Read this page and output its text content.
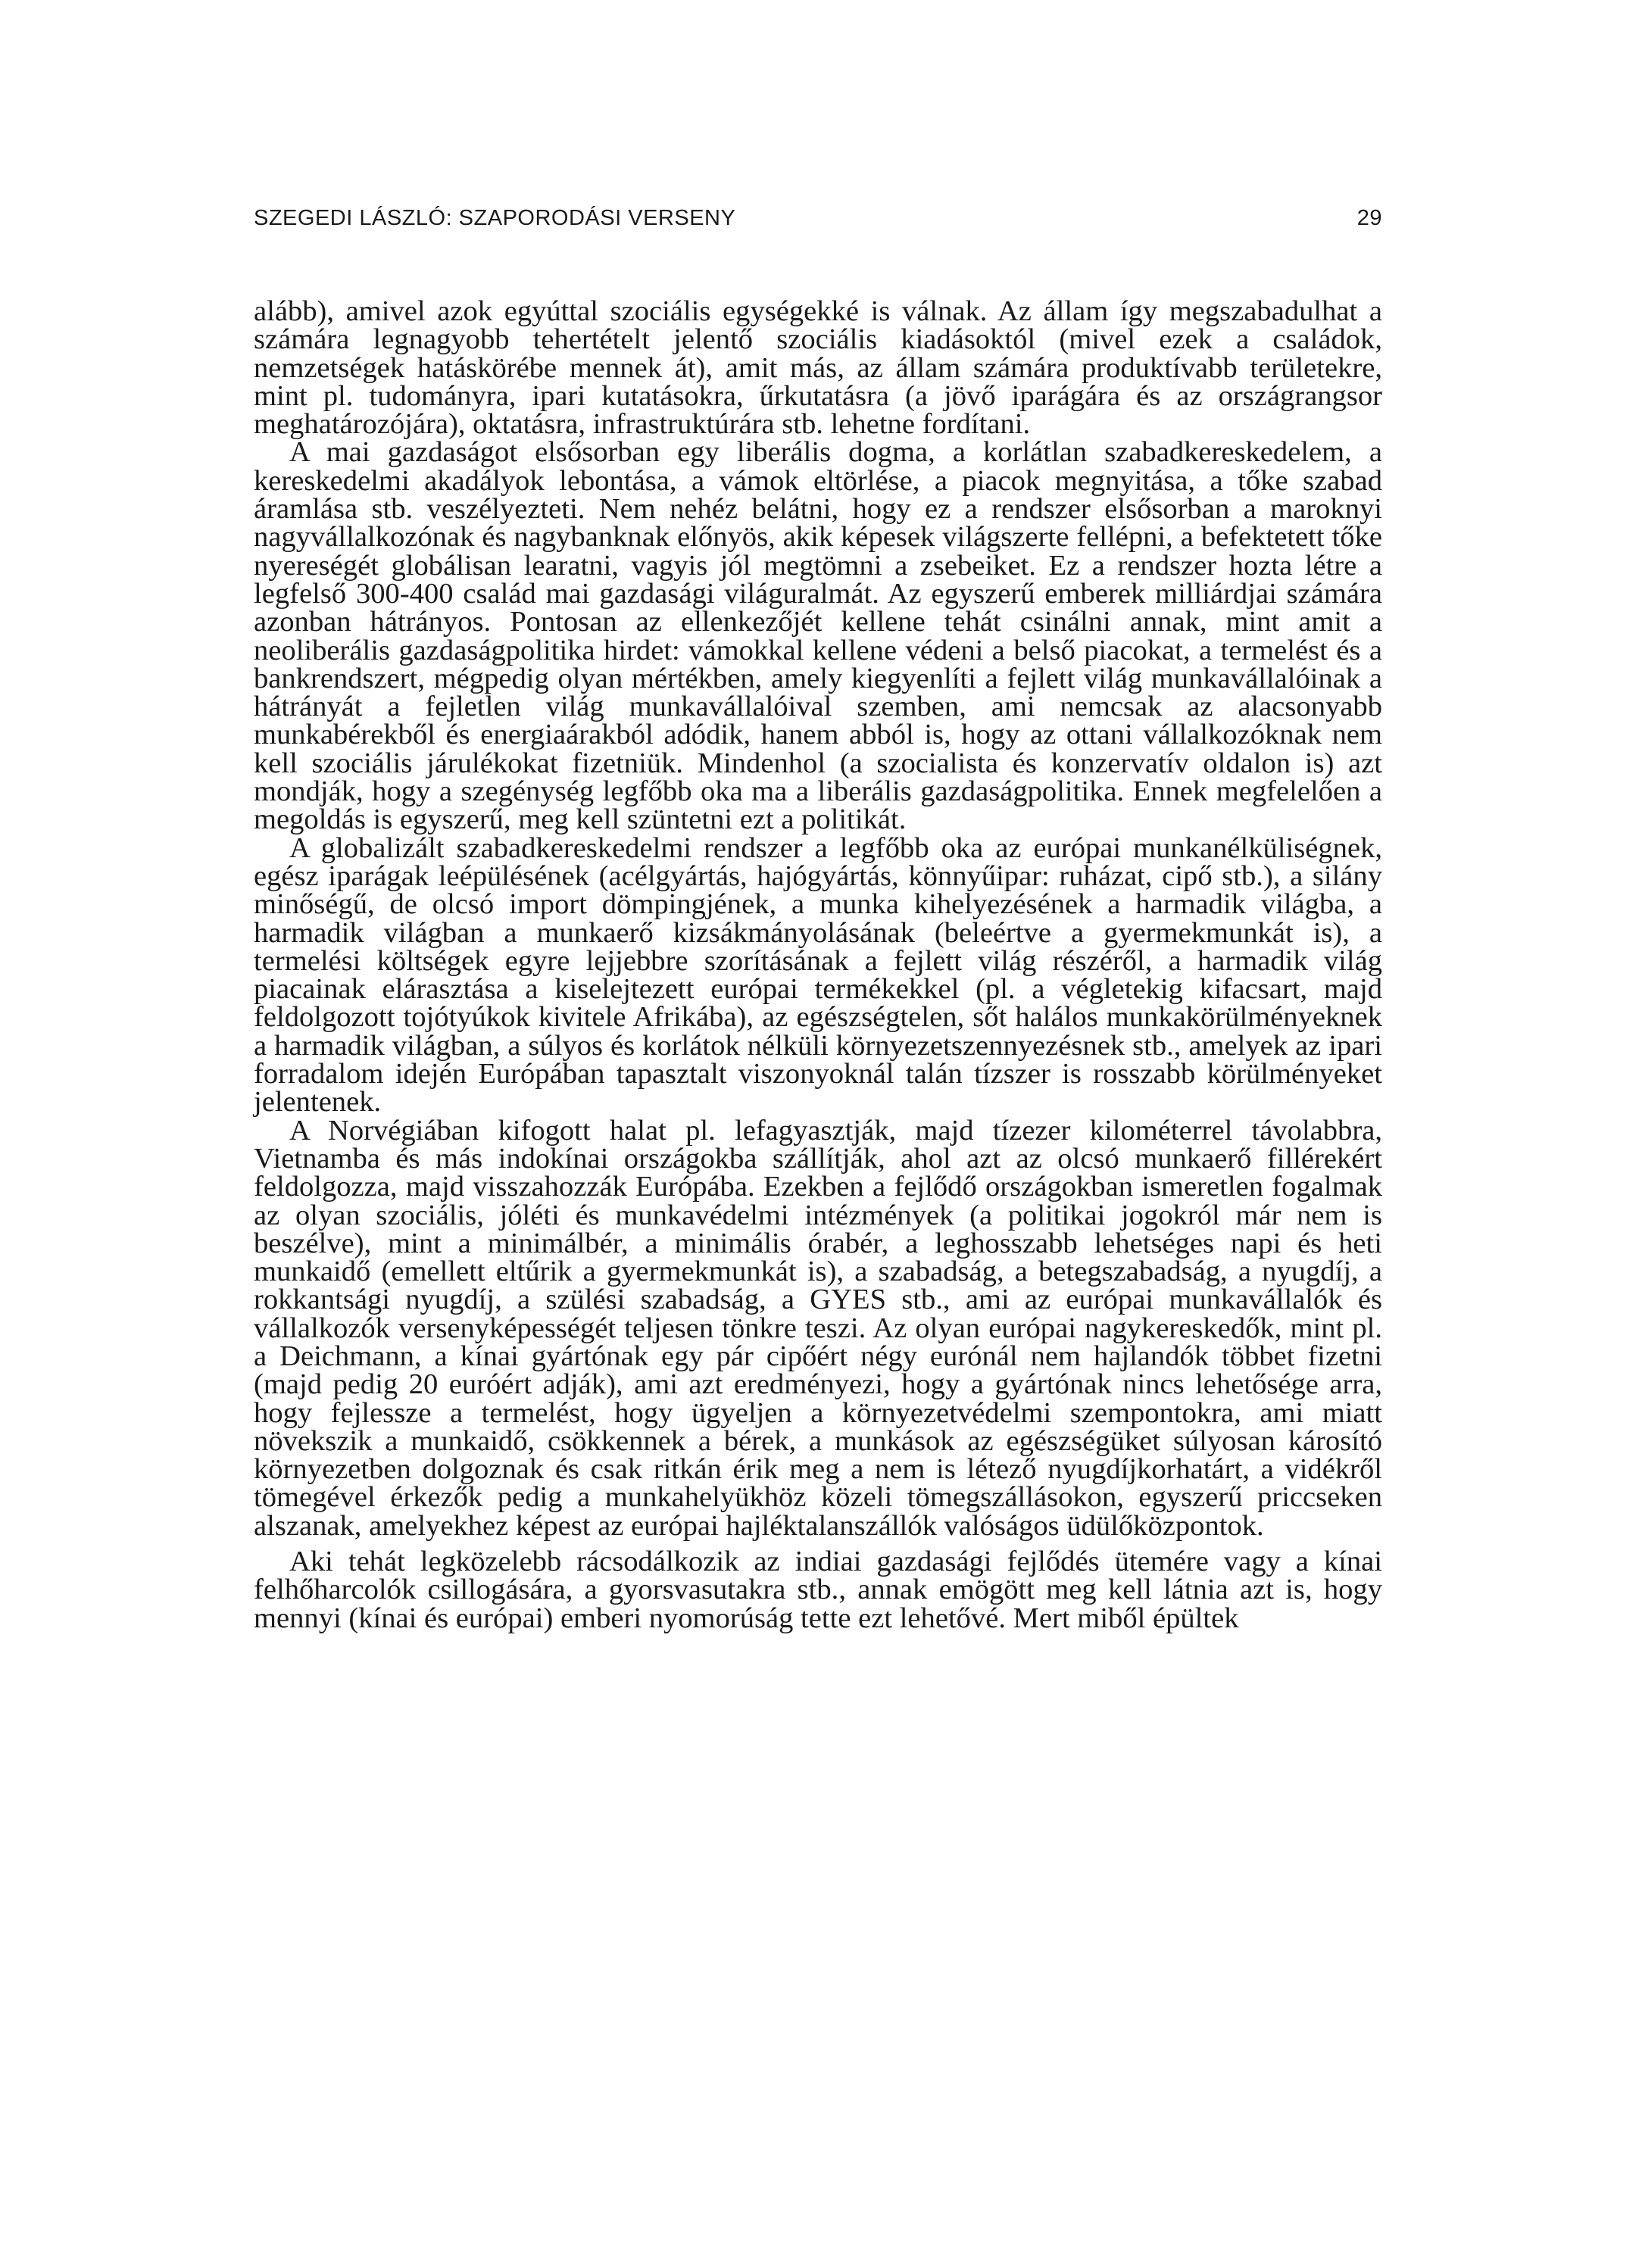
SZEGEDI LÁSZLÓ: SZAPORODÁSI VERSENY	29

alább), amivel azok egyúttal szociális egységekké is válnak. Az állam így megszabadulhat a számára legnagyobb tehertételt jelentő szociális kiadásoktól (mivel ezek a családok, nemzetségek hatáskörébe mennek át), amit más, az állam számára produktívabb területekre, mint pl. tudományra, ipari kutatásokra, űrkutatásra (a jövő iparágára és az országrangsor meghatározójára), oktatásra, infrastruktúrára stb. lehetne fordítani.

A mai gazdaságot elsősorban egy liberális dogma, a korlátlan szabadkereskedelem, a kereskedelmi akadályok lebontása, a vámok eltörlése, a piacok megnyitása, a tőke szabad áramlása stb. veszélyezteti. Nem nehéz belátni, hogy ez a rendszer elsősorban a maroknyi nagyvállalkozónak és nagybanknak előnyös, akik képesek világszerte fellépni, a befektetett tőke nyereségét globálisan learatni, vagyis jól megtömni a zsebeiket. Ez a rendszer hozta létre a legfelső 300-400 család mai gazdasági világuralmát. Az egyszerű emberek milliárdjai számára azonban hátrányos. Pontosan az ellenkezőjét kellene tehát csinálni annak, mint amit a neoliberális gazdaságpolitika hirdet: vámokkal kellene védeni a belső piacokat, a termelést és a bankrendszert, mégpedig olyan mértékben, amely kiegyenlíti a fejlett világ munkavállalóinak a hátrányát a fejletlen világ munkavállalóival szemben, ami nemcsak az alacsonyabb munkabérekből és energiaárakból adódik, hanem abból is, hogy az ottani vállalkozóknak nem kell szociális járulékokat fizetniük. Mindenhol (a szocialista és konzervatív oldalon is) azt mondják, hogy a szegénység legfőbb oka ma a liberális gazdaságpolitika. Ennek megfelelően a megoldás is egyszerű, meg kell szüntetni ezt a politikát.

A globalizált szabadkereskedelmi rendszer a legfőbb oka az európai munkanélküliségnek, egész iparágak leépülésének (acélgyártás, hajógyártás, könnyűipar: ruházat, cipő stb.), a silány minőségű, de olcsó import dömpingjének, a munka kihelyezésének a harmadik világba, a harmadik világban a munkaerő kizsákmányolásának (beleértve a gyermekmunkát is), a termelési költségek egyre lejjebbre szorításának a fejlett világ részéről, a harmadik világ piacainak elárasztása a kiselejtezett európai termékekkel (pl. a végletekig kifacsart, majd feldolgozott tojótyúkok kivitele Afrikába), az egészségtelen, sőt halálos munkakörülményeknek a harmadik világban, a súlyos és korlátok nélküli környezetszennyezésnek stb., amelyek az ipari forradalom idején Európában tapasztalt viszonyoknál talán tízszer is rosszabb körülményeket jelentenek.

A Norvégiában kifogott halat pl. lefagyasztják, majd tízezer kilométerrel távolabbra, Vietnamba és más indokínai országokba szállítják, ahol azt az olcsó munkaerő fillérekért feldolgozza, majd visszahozzák Európába. Ezekben a fejlődő országokban ismeretlen fogalmak az olyan szociális, jóléti és munkavédelmi intézmények (a politikai jogokról már nem is beszélve), mint a minimálbér, a minimális órabér, a leghosszabb lehetséges napi és heti munkaidő (emellett eltűrik a gyermekmunkát is), a szabadság, a betegszabadság, a nyugdíj, a rokkantsági nyugdíj, a szülési szabadság, a GYES stb., ami az európai munkavállalók és vállalkozók versenyképességét teljesen tönkre teszi. Az olyan európai nagykereskedők, mint pl. a Deichmann, a kínai gyártónak egy pár cipőért négy eurónál nem hajlandók többet fizetni (majd pedig 20 euróért adják), ami azt eredményezi, hogy a gyártónak nincs lehetősége arra, hogy fejlessze a termelést, hogy ügyeljen a környezetvédelmi szempontokra, ami miatt növekszik a munkaidő, csökkennek a bérek, a munkások az egészségüket súlyosan károsító környezetben dolgoznak és csak ritkán érik meg a nem is létező nyugdíjkorhatárt, a vidékről tömegével érkezők pedig a munkahelyükhöz közeli tömegszállásokon, egyszerű priccseken alszanak, amelyekhez képest az európai hajléktalanszállók valóságos üdülőközpontok.

Aki tehát legközelebb rácsodálkozik az indiai gazdasági fejlődés ütemére vagy a kínai felhőharcolók csillogására, a gyorsvasutakra stb., annak emögött meg kell látnia azt is, hogy mennyi (kínai és európai) emberi nyomorúság tette ezt lehetővé. Mert miből épültek
